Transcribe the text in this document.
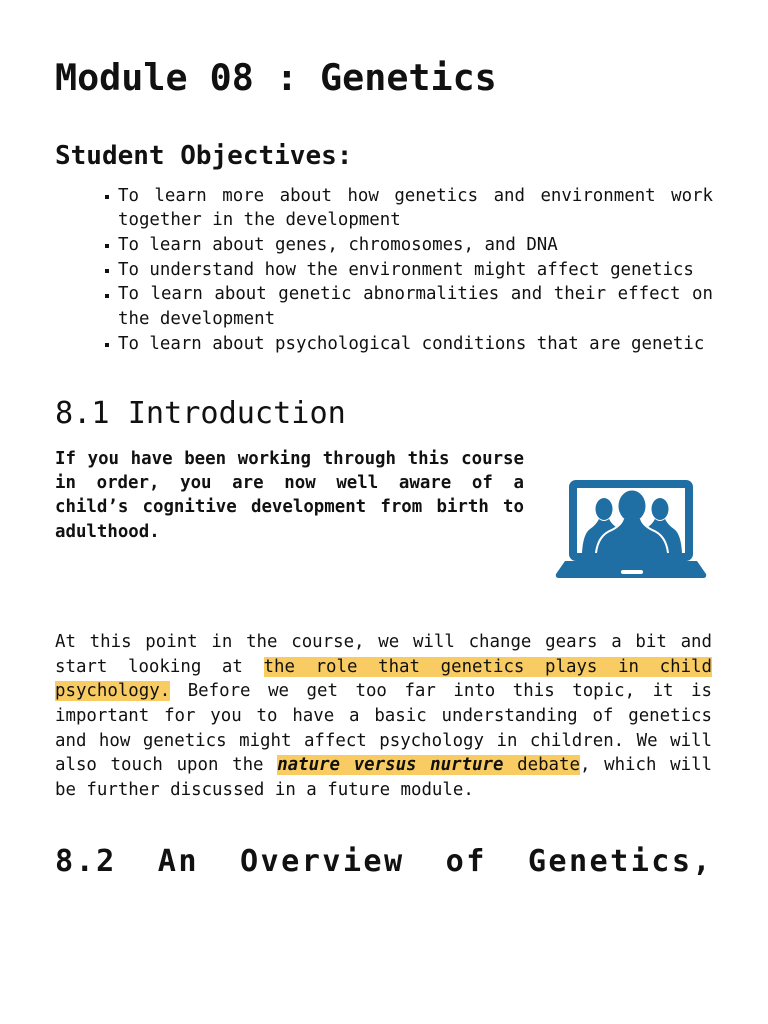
Module 08 : Genetics
Student Objectives:
To learn more about how genetics and environment work together in the development
To learn about genes, chromosomes, and DNA
To understand how the environment might affect genetics
To learn about genetic abnormalities and their effect on the development
To learn about psychological conditions that are genetic
8.1 Introduction

If you have been working through this course in order, you are now well aware of a child’s cognitive development from birth to adulthood.

At this point in the course, we will change gears a bit and start looking at the role that genetics plays in child psychology. Before we get too far into this topic, it is important for you to have a basic understanding of genetics and how genetics might affect psychology in children. We will also touch upon the nature versus nurture debate, which will be further discussed in a future module.

8.2 An Overview of Genetics,
